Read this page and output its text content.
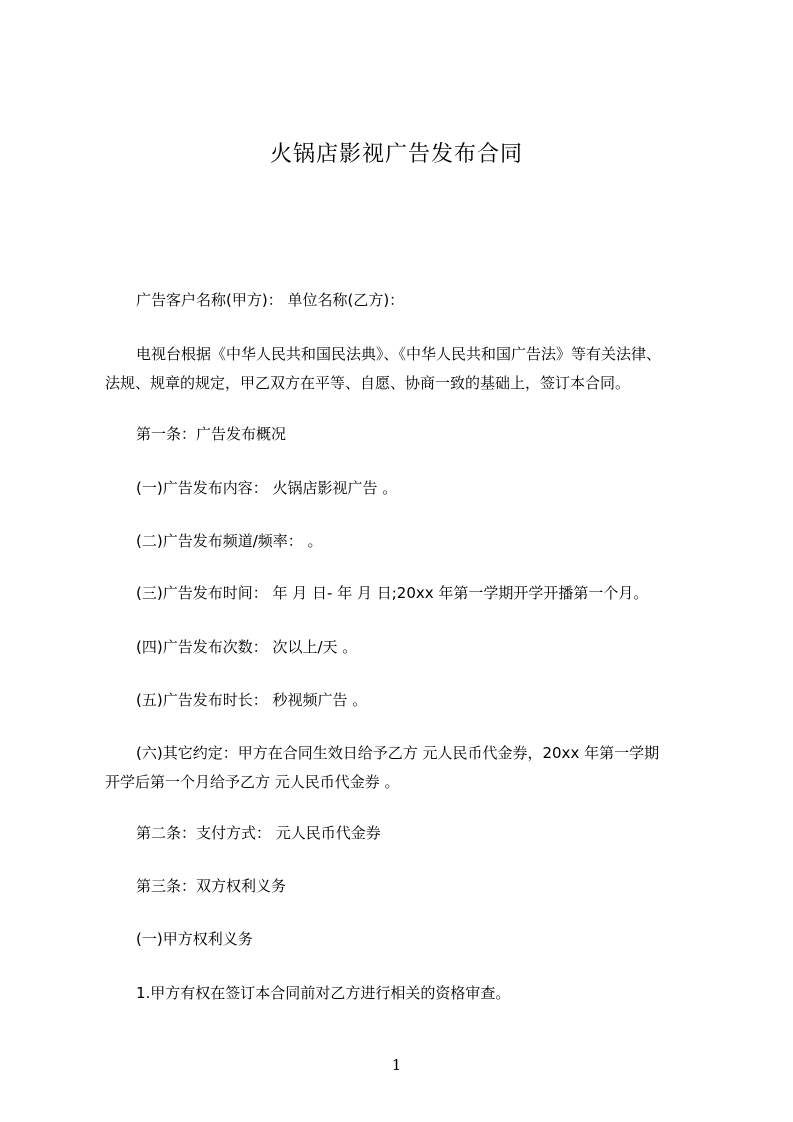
火锅店影视广告发布合同
广告客户名称(甲方)： 单位名称(乙方)：
电视台根据《中华人民共和国民法典》、《中华人民共和国广告法》等有关法律、
法规、规章的规定，甲乙双方在平等、自愿、协商一致的基础上，签订本合同。
第一条：广告发布概况
(一)广告发布内容： 火锅店影视广告 。
(二)广告发布频道/频率： 。
(三)广告发布时间： 年 月 日- 年 月 日;20xx 年第一学期开学开播第一个月。
(四)广告发布次数： 次以上/天 。
(五)广告发布时长： 秒视频广告 。
(六)其它约定：甲方在合同生效日给予乙方 元人民币代金券，20xx 年第一学期
开学后第一个月给予乙方 元人民币代金券 。
第二条：支付方式： 元人民币代金券
第三条：双方权利义务
(一)甲方权利义务
1.甲方有权在签订本合同前对乙方进行相关的资格审查。
1
